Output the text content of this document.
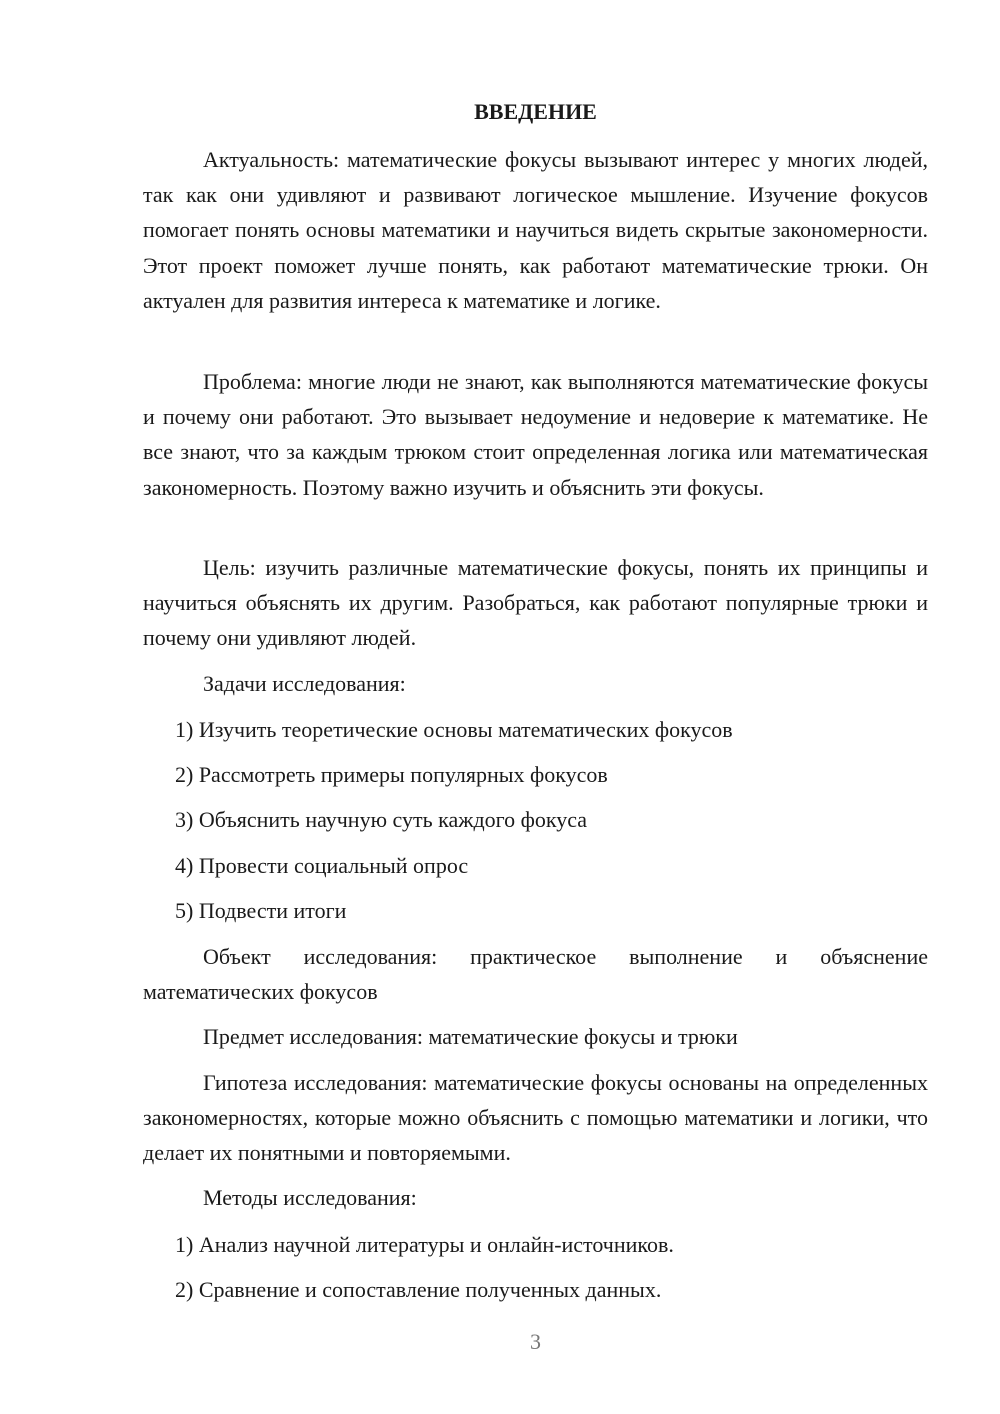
ВВЕДЕНИЕ

Актуальность: математические фокусы вызывают интерес у многих людей, так как они удивляют и развивают логическое мышление. Изучение фокусов помогает понять основы математики и научиться видеть скрытые закономерности. Этот проект поможет лучше понять, как работают математические трюки. Он актуален для развития интереса к математике и логике.

Проблема: многие люди не знают, как выполняются математические фокусы и почему они работают. Это вызывает недоумение и недоверие к математике. Не все знают, что за каждым трюком стоит определенная логика или математическая закономерность. Поэтому важно изучить и объяснить эти фокусы.

Цель: изучить различные математические фокусы, понять их принципы и научиться объяснять их другим. Разобраться, как работают популярные трюки и почему они удивляют людей.

Задачи исследования:

1) Изучить теоретические основы математических фокусов

2) Рассмотреть примеры популярных фокусов

3) Объяснить научную суть каждого фокуса

4) Провести социальный опрос

5) Подвести итоги

Объект исследования: практическое выполнение и объяснение математических фокусов

Предмет исследования: математические фокусы и трюки

Гипотеза исследования: математические фокусы основаны на определенных закономерностях, которые можно объяснить с помощью математики и логики, что делает их понятными и повторяемыми.

Методы исследования:

1) Анализ научной литературы и онлайн-источников.

2) Сравнение и сопоставление полученных данных.

3
